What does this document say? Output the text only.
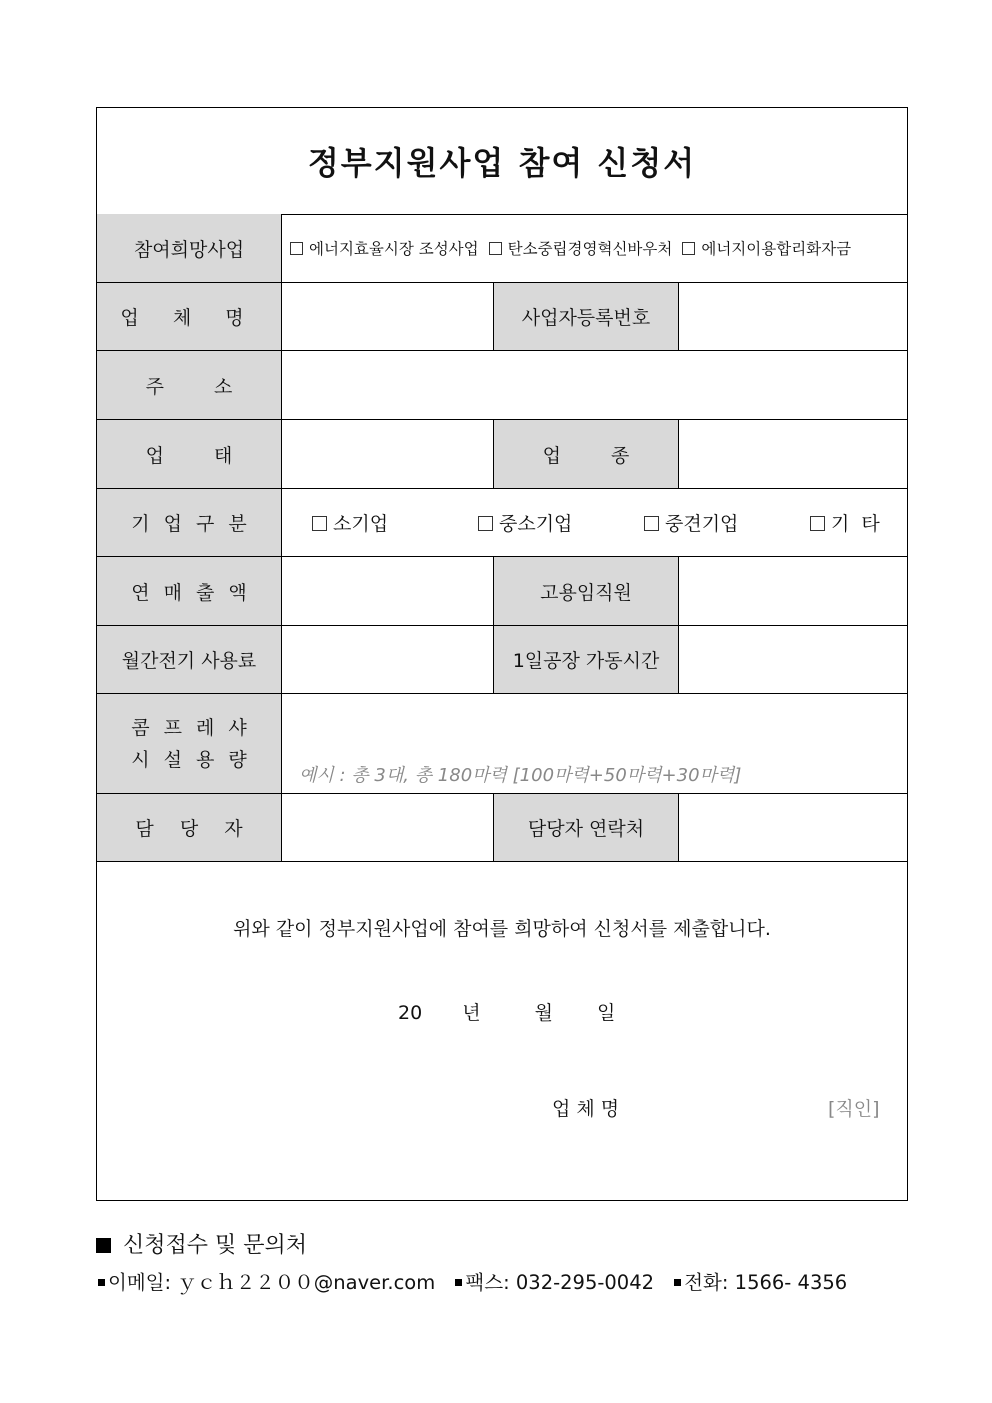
정부지원사업 참여 신청서
참여희망사업	에너지효율시장 조성사업	탄소중립경영혁신바우처	에너지이용합리화자금
업 체 명	사업자등록번호
주 소
업 태	업 종
기 업 구 분	소기업	중소기업	중견기업	기 타
연 매 출 액	고용임직원
월간전기 사용료	1일공장 가동시간
콤 프 레 샤
시 설 용 량
예시 : 총 3대, 총 180마력 [100마력+50마력+30마력]
담 당 자	담당자 연락처
위와 같이 정부지원사업에 참여를 희망하여 신청서를 제출합니다.
20 년	월 일
업체명	[직인]
신청접수 및 문의처
이메일: ｙｃｈ２２００@naver.com 팩스: 032-295-0042 전화: 1566- 4356
